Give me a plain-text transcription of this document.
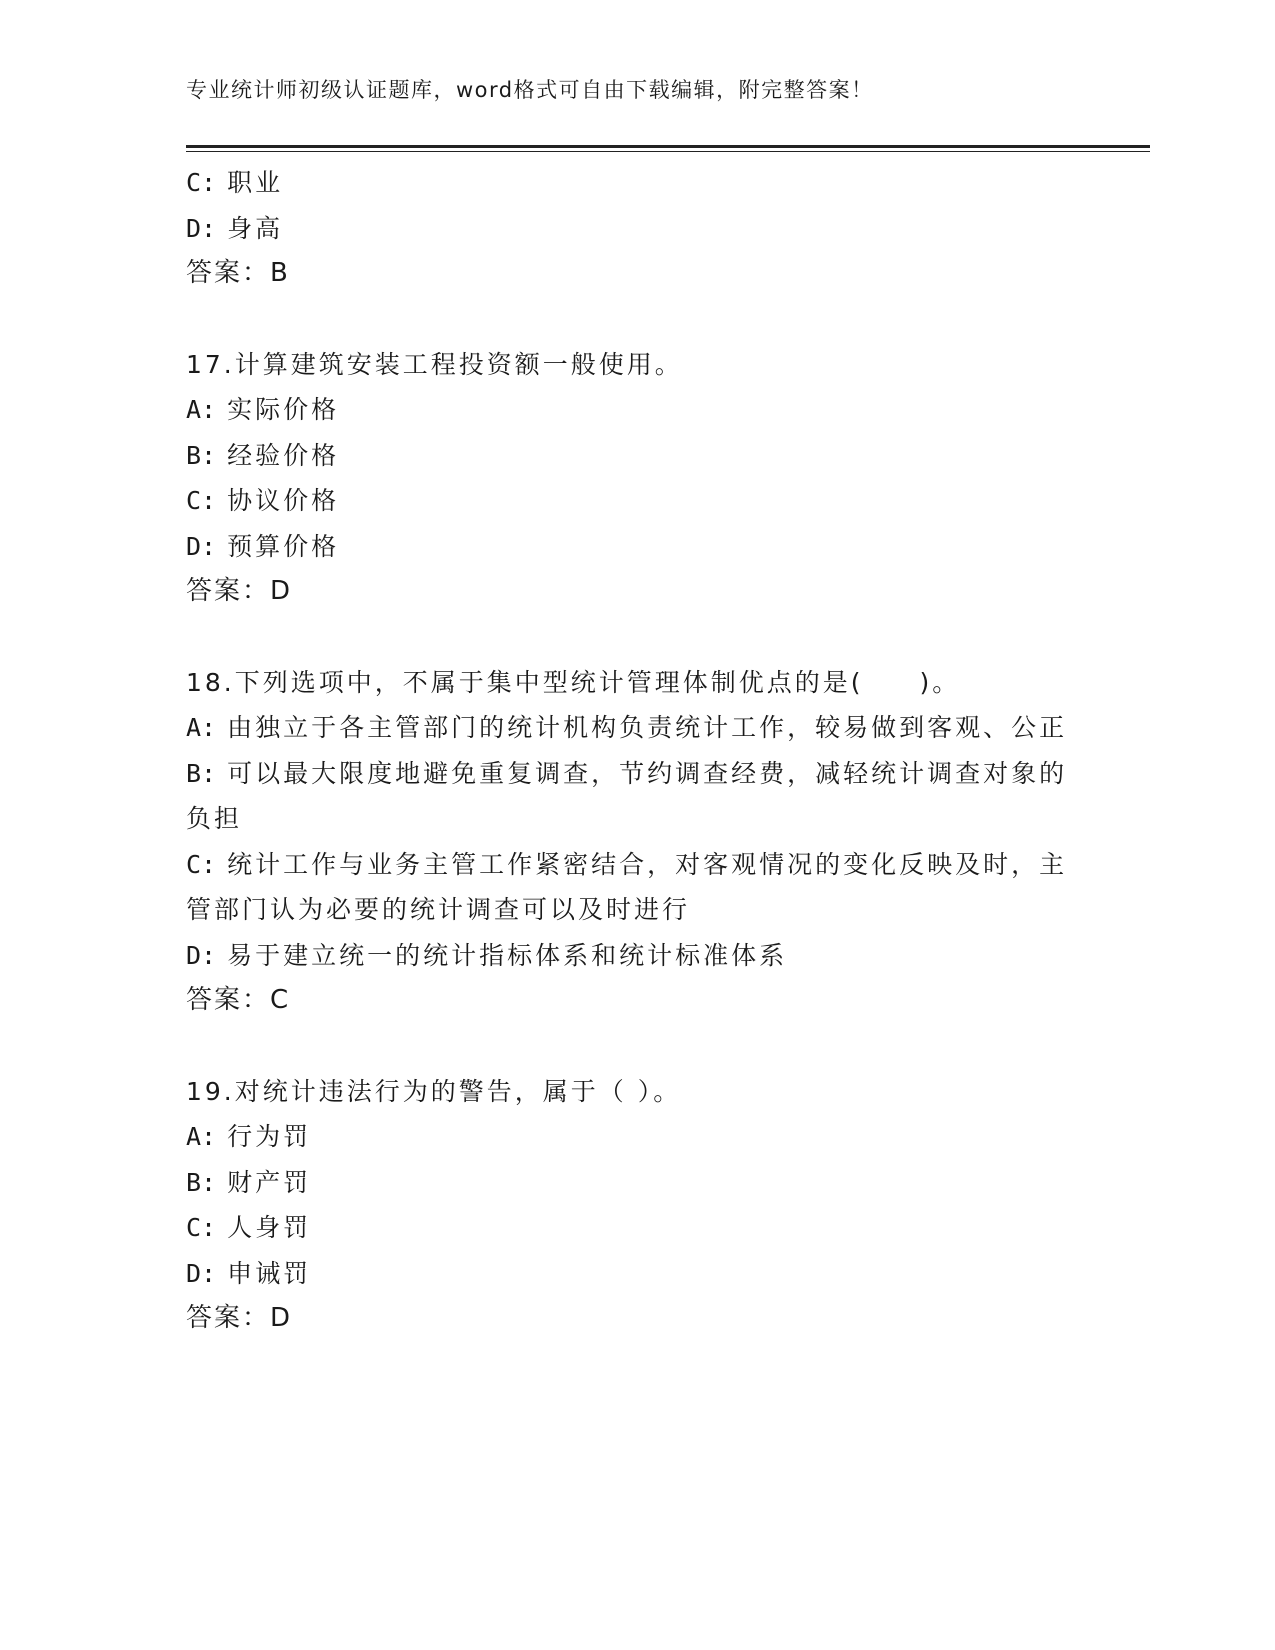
专业统计师初级认证题库，word格式可自由下载编辑，附完整答案！

C: 职业

D: 身高

答案：B

17.计算建筑安装工程投资额一般使用。

A: 实际价格

B: 经验价格

C: 协议价格

D: 预算价格

答案：D

18.下列选项中，不属于集中型统计管理体制优点的是(　　)。

A: 由独立于各主管部门的统计机构负责统计工作，较易做到客观、公正

B: 可以最大限度地避免重复调查，节约调查经费，减轻统计调查对象的负担

C: 统计工作与业务主管工作紧密结合，对客观情况的变化反映及时，主管部门认为必要的统计调查可以及时进行

D: 易于建立统一的统计指标体系和统计标准体系

答案：C

19.对统计违法行为的警告，属于（ ）。

A: 行为罚

B: 财产罚

C: 人身罚

D: 申诫罚

答案：D
